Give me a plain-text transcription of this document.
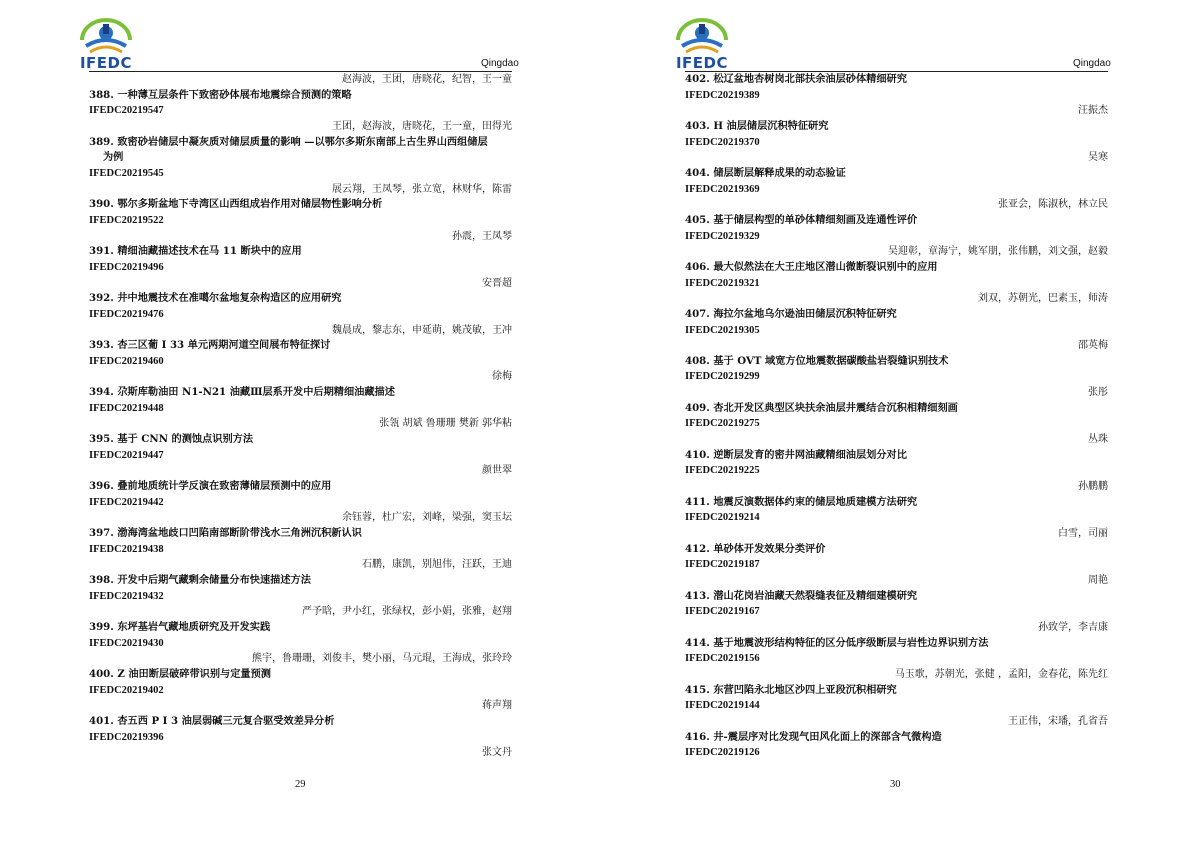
IFEDC	Qingdao
赵海波，王团，唐晓花，纪智，王一童
388. 一种薄互层条件下致密砂体展布地震综合预测的策略
IFEDC20219547
王团，赵海波，唐晓花，王一童，田得光
389. 致密砂岩储层中凝灰质对储层质量的影响 —以鄂尔多斯东南部上古生界山西组储层
为例
IFEDC20219545
展云翔，王凤琴，张立宽，林财华，陈雷
390. 鄂尔多斯盆地下寺湾区山西组成岩作用对储层物性影响分析
IFEDC20219522
孙震，王凤琴
391. 精细油藏描述技术在马 11 断块中的应用
IFEDC20219496
安晋超
392. 井中地震技术在准噶尔盆地复杂构造区的应用研究
IFEDC20219476
魏晨成，黎志东，申延萌，姚茂敏，王冲
393. 杏三区葡 I 33 单元两期河道空间展布特征探讨
IFEDC20219460
徐梅
394. 尕斯库勒油田 N1-N21 油藏Ⅲ层系开发中后期精细油藏描述
IFEDC20219448
张瓴 胡斌 鲁珊珊 樊新 郭华粘
395. 基于 CNN 的测蚀点识别方法
IFEDC20219447
颜世翠
396. 叠前地质统计学反演在致密薄储层预测中的应用
IFEDC20219442
余钰蓉，杜广宏，刘峰，梁强，窦玉坛
397. 渤海湾盆地歧口凹陷南部断阶带浅水三角洲沉积新认识
IFEDC20219438
石鹏，康凯，别旭伟，汪跃，王迪
398. 开发中后期气藏剩余储量分布快速描述方法
IFEDC20219432
严予晗，尹小红，张绿权，彭小娟，张雅，赵翔
399. 东坪基岩气藏地质研究及开发实践
IFEDC20219430
熊宇，鲁珊珊，刘俊丰，樊小丽，马元琨，王海成，张玲玲
400. Z 油田断层破碎带识别与定量预测
IFEDC20219402
蒋声翔
401. 杏五西 P I 3 油层弱碱三元复合驱受效差异分析
IFEDC20219396
张文丹
29
IFEDC	Qingdao
402. 松辽盆地杏树岗北部扶余油层砂体精细研究
IFEDC20219389
汪振杰
403. H 油层储层沉积特征研究
IFEDC20219370
吴寒
404. 储层断层解释成果的动态验证
IFEDC20219369
张亚会，陈淑秋，林立民
405. 基于储层构型的单砂体精细刻画及连通性评价
IFEDC20219329
吴迎彰，章海宁，姚军朋，张伟鹏，刘文强，赵毅
406. 最大似然法在大王庄地区潜山微断裂识别中的应用
IFEDC20219321
刘双，苏朝光，巴素玉，师涛
407. 海拉尔盆地乌尔逊油田储层沉积特征研究
IFEDC20219305
邵英梅
408. 基于 OVT 域宽方位地震数据碳酸盐岩裂缝识别技术
IFEDC20219299
张彤
409. 杏北开发区典型区块扶余油层井震结合沉积相精细刻画
IFEDC20219275
丛珠
410. 逆断层发育的密井网油藏精细油层划分对比
IFEDC20219225
孙鹏鹏
411. 地震反演数据体约束的储层地质建模方法研究
IFEDC20219214
白雪，司丽
412. 单砂体开发效果分类评价
IFEDC20219187
周艳
413. 潜山花岗岩油藏天然裂缝表征及精细建模研究
IFEDC20219167
孙致学，李吉康
414. 基于地震波形结构特征的区分低序级断层与岩性边界识别方法
IFEDC20219156
马玉歌，苏朝光，张健 ，孟阳，金春花，陈先红
415. 东营凹陷永北地区沙四上亚段沉积相研究
IFEDC20219144
王正伟，宋璠，孔省吾
416. 井-震层序对比发现气田风化面上的深部含气微构造
IFEDC20219126
30
